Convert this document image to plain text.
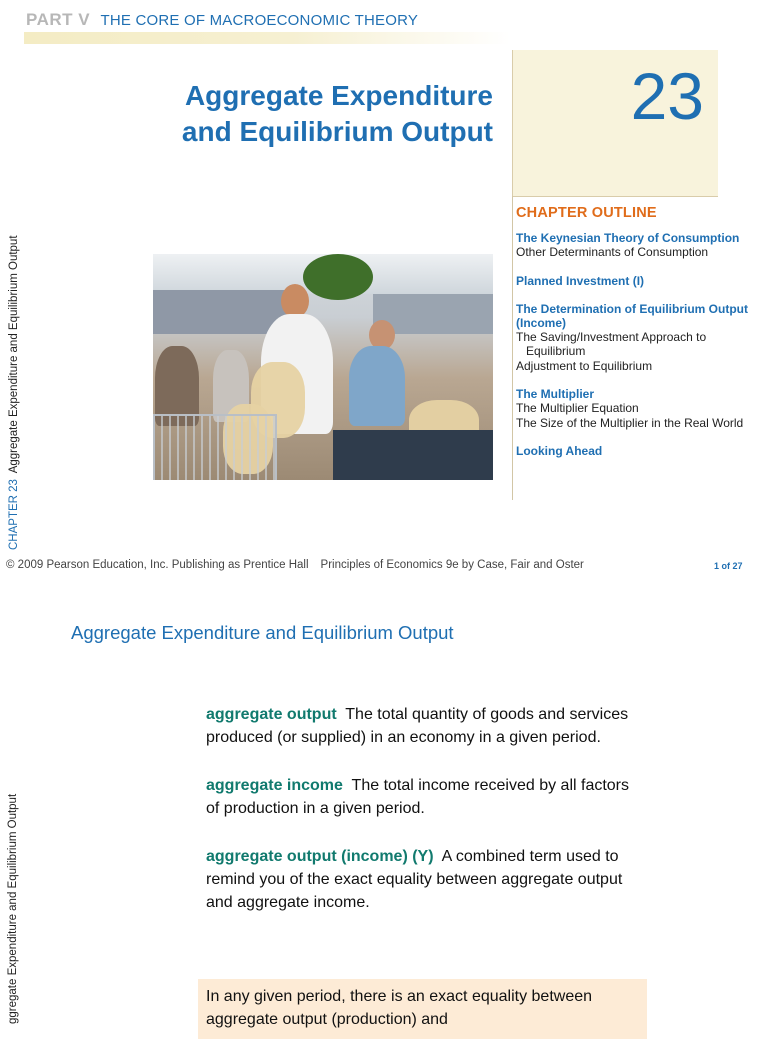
PART V THE CORE OF MACROECONOMIC THEORY
Aggregate Expenditure
and Equilibrium Output 23
CHAPTER OUTLINE
The Keynesian Theory of Consumption
Other Determinants of Consumption
Planned Investment (I)
The Determination of Equilibrium Output (Income)
The Saving/Investment Approach to
Equilibrium
Adjustment to Equilibrium
The Multiplier
The Multiplier Equation
The Size of the Multiplier in the Real World
Looking Ahead
CHAPTER 23  Aggregate Expenditure and Equilibrium Output
© 2009 Pearson Education, Inc. Publishing as Prentice Hall Principles of Economics 9e by Case, Fair and Oster	1 of 27
Aggregate Expenditure and Equilibrium Output
aggregate output The total quantity of goods and services produced (or supplied) in an economy in a given period.
aggregate income The total income received by all factors of production in a given period.
aggregate output (income) (Y) A combined term used to remind you of the exact equality between aggregate output and aggregate income.
In any given period, there is an exact equality between aggregate output (production) and
ggregate Expenditure and Equilibrium Output
